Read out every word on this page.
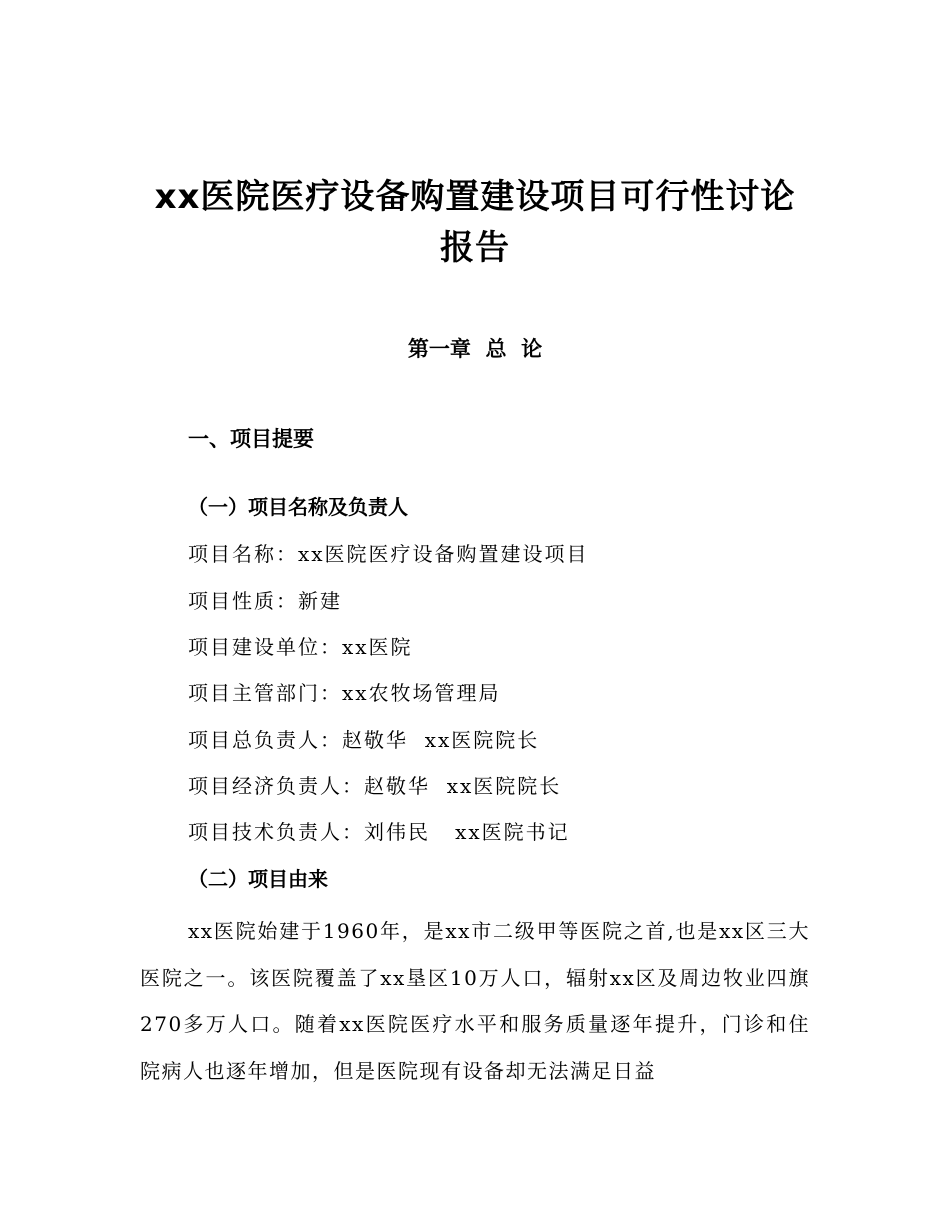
xx医院医疗设备购置建设项目可行性讨论报告
第一章  总  论
一、项目提要
（一）项目名称及负责人
项目名称：xx医院医疗设备购置建设项目
项目性质：新建
项目建设单位：xx医院
项目主管部门：xx农牧场管理局
项目总负责人：赵敬华  xx医院院长
项目经济负责人：赵敬华  xx医院院长
项目技术负责人：刘伟民   xx医院书记
（二）项目由来
xx医院始建于1960年，是xx市二级甲等医院之首,也是xx区三大医院之一。该医院覆盖了xx垦区10万人口，辐射xx区及周边牧业四旗270多万人口。随着xx医院医疗水平和服务质量逐年提升，门诊和住院病人也逐年增加，但是医院现有设备却无法满足日益
